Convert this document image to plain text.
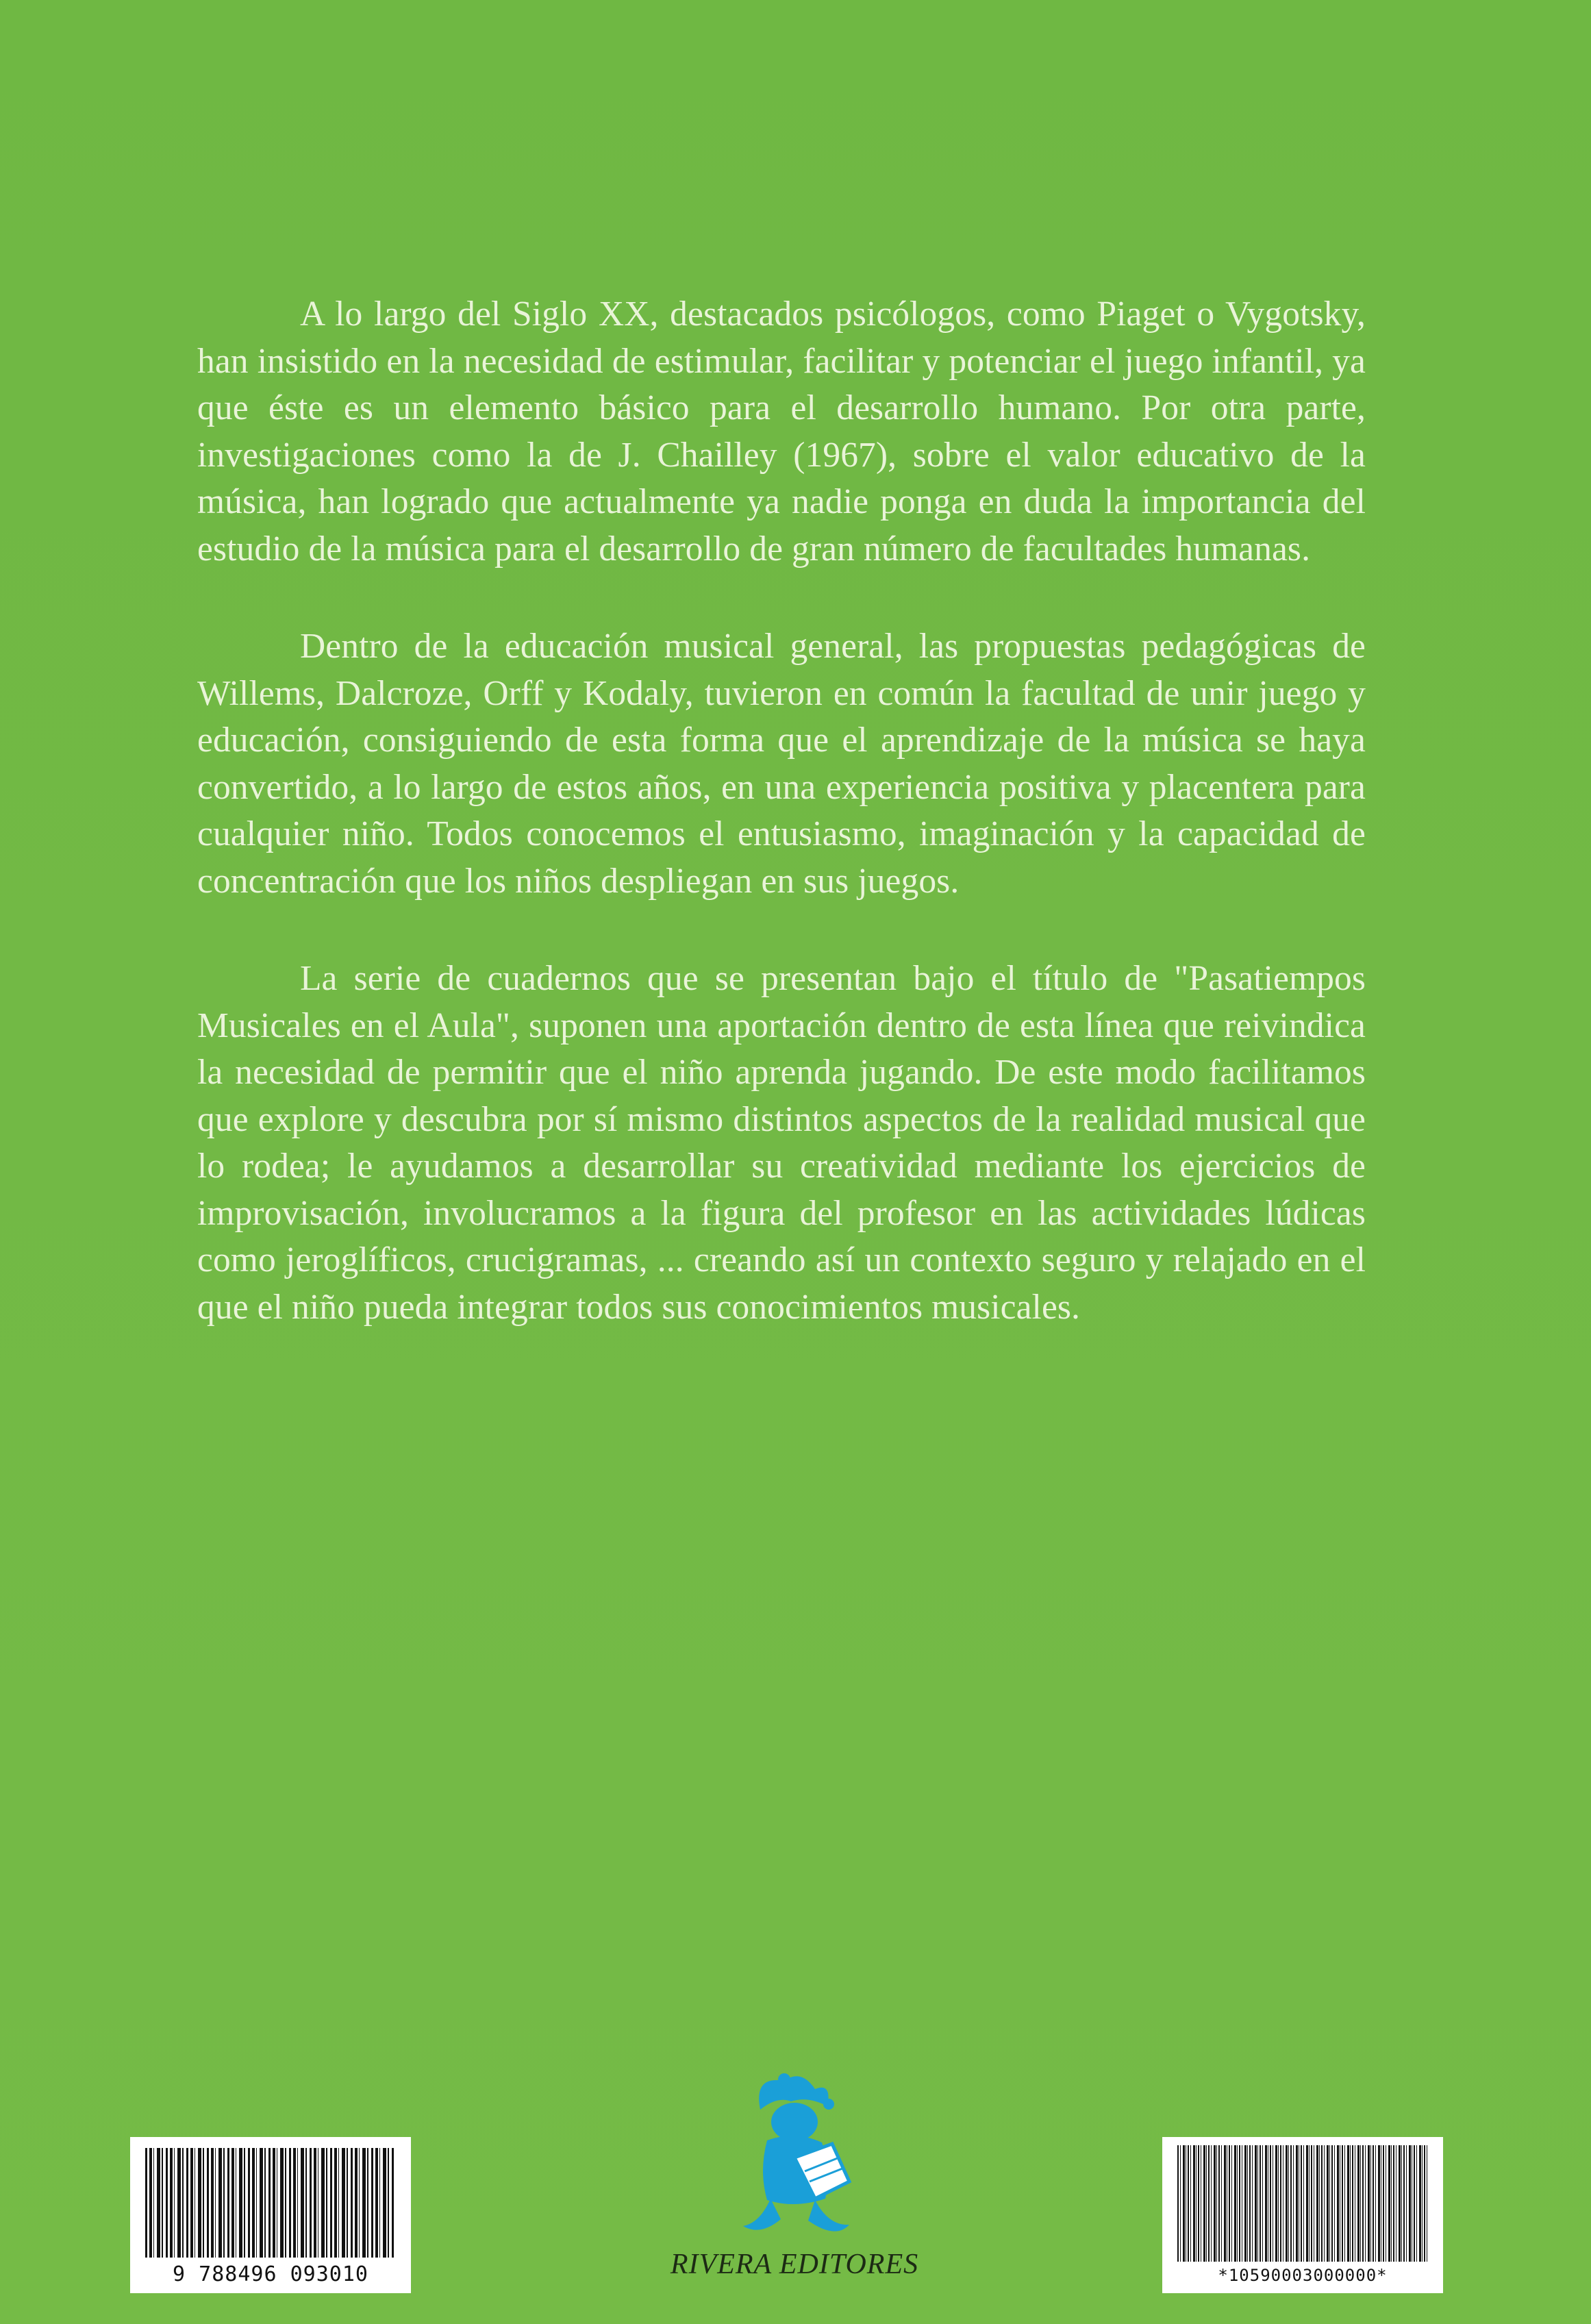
A lo largo del Siglo XX, destacados psicólogos, como Piaget o Vygotsky, han insistido en la necesidad de estimular, facilitar y potenciar el juego infantil, ya que éste es un elemento básico para el desarrollo humano. Por otra parte, investigaciones como la de J. Chailley (1967), sobre el valor educativo de la música, han logrado que actualmente ya nadie ponga en duda la importancia del estudio de la música para el desarrollo de gran número de facultades humanas.

Dentro de la educación musical general, las propuestas pedagógicas de Willems, Dalcroze, Orff y Kodaly, tuvieron en común la facultad de unir juego y educación, consiguiendo de esta forma que el aprendizaje de la música se haya convertido, a lo largo de estos años, en una experiencia positiva y placentera para cualquier niño. Todos conocemos el entusiasmo, imaginación y la capacidad de concentración que los niños despliegan en sus juegos.

La serie de cuadernos que se presentan bajo el título de "Pasatiempos Musicales en el Aula", suponen una aportación dentro de esta línea que reivindica la necesidad de permitir que el niño aprenda jugando. De este modo facilitamos que explore y descubra por sí mismo distintos aspectos de la realidad musical que lo rodea; le ayudamos a desarrollar su creatividad mediante los ejercicios de improvisación, involucramos a la figura del profesor en las actividades lúdicas como jeroglíficos, crucigramas, ... creando así un contexto seguro y relajado en el que el niño pueda integrar todos sus conocimientos musicales.

9 788496 093010	RIVERA EDITORES	*10590003000000*
